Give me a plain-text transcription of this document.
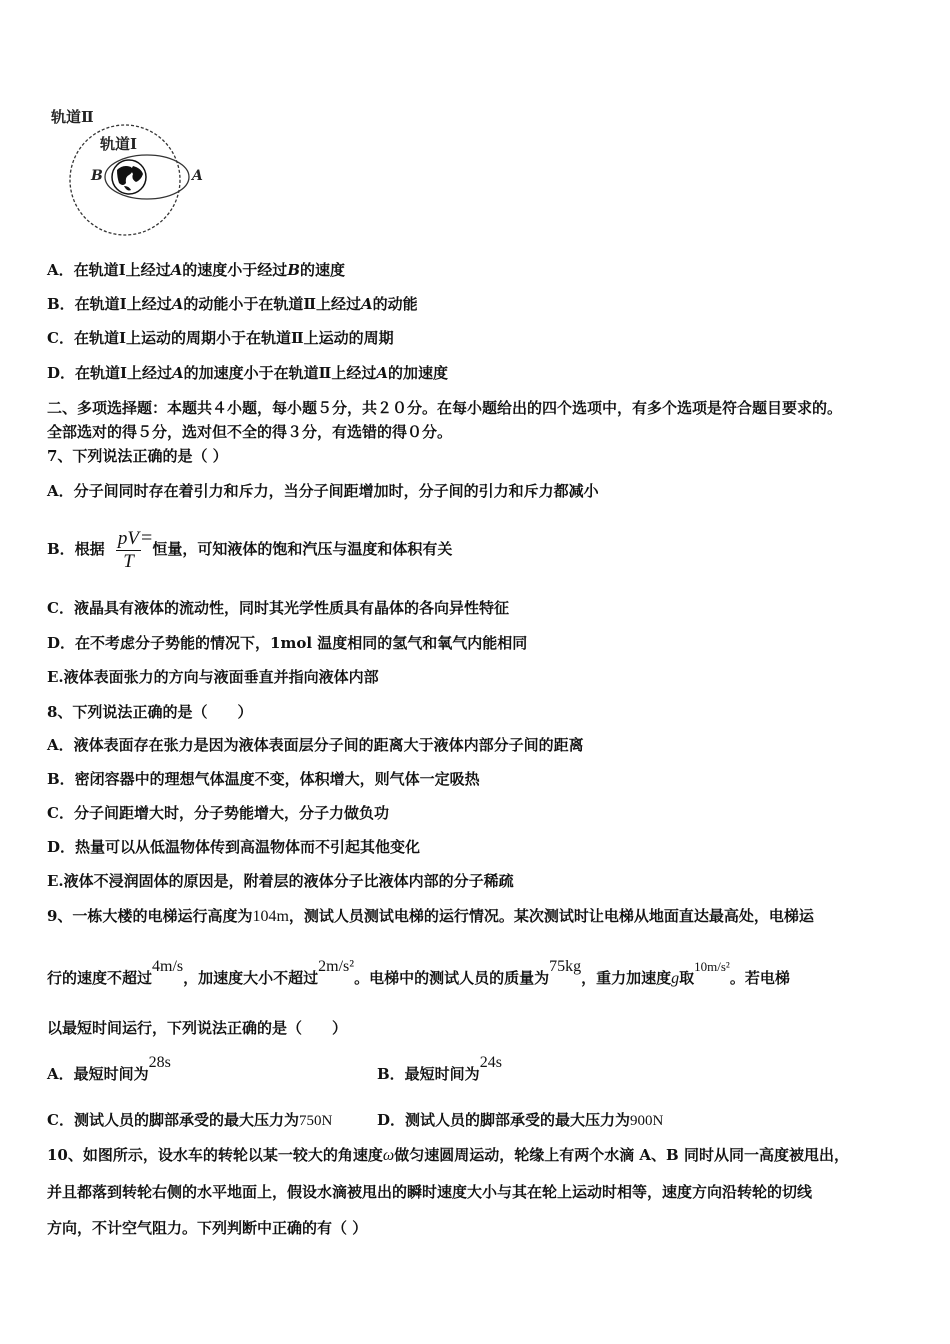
轨道Ⅱ
轨道Ⅰ
B	A
A．在轨道Ⅰ上经过A的速度小于经过B的速度
B．在轨道Ⅰ上经过A的动能小于在轨道Ⅱ上经过A的动能
C．在轨道Ⅰ上运动的周期小于在轨道Ⅱ上运动的周期
D．在轨道Ⅰ上经过A的加速度小于在轨道Ⅱ上经过A的加速度
二、多项选择题：本题共４小题，每小题５分，共２０分。在每小题给出的四个选项中，有多个选项是符合题目要求的。
全部选对的得５分，选对但不全的得３分，有选错的得０分。
7、下列说法正确的是（ ）
A．分子间同时存在着引力和斥力，当分子间距增加时，分子间的引力和斥力都减小
B．根据 $\frac{pV}{T}$ =恒量，可知液体的饱和汽压与温度和体积有关
C．液晶具有液体的流动性，同时其光学性质具有晶体的各向异性特征
D．在不考虑分子势能的情况下，1mol 温度相同的氢气和氧气内能相同
E.液体表面张力的方向与液面垂直并指向液体内部
8、下列说法正确的是（　　）
A．液体表面存在张力是因为液体表面层分子间的距离大于液体内部分子间的距离
B．密闭容器中的理想气体温度不变，体积增大，则气体一定吸热
C．分子间距增大时，分子势能增大，分子力做负功
D．热量可以从低温物体传到高温物体而不引起其他变化
E.液体不浸润固体的原因是，附着层的液体分子比液体内部的分子稀疏
9、一栋大楼的电梯运行高度为104m，测试人员测试电梯的运行情况。某次测试时让电梯从地面直达最高处，电梯运
行的速度不超过4m/s，加速度大小不超过2m/s²。电梯中的测试人员的质量为75kg，重力加速度g取10m/s²。若电梯
以最短时间运行，下列说法正确的是（　　）
A．最短时间为28s
B．最短时间为24s
C．测试人员的脚部承受的最大压力为750N	D．测试人员的脚部承受的最大压力为900N
10、如图所示，设水车的转轮以某一较大的角速度ω做匀速圆周运动，轮缘上有两个水滴 A、B 同时从同一高度被甩出，
并且都落到转轮右侧的水平地面上，假设水滴被甩出的瞬时速度大小与其在轮上运动时相等，速度方向沿转轮的切线
方向，不计空气阻力。下列判断中正确的有（ ）
